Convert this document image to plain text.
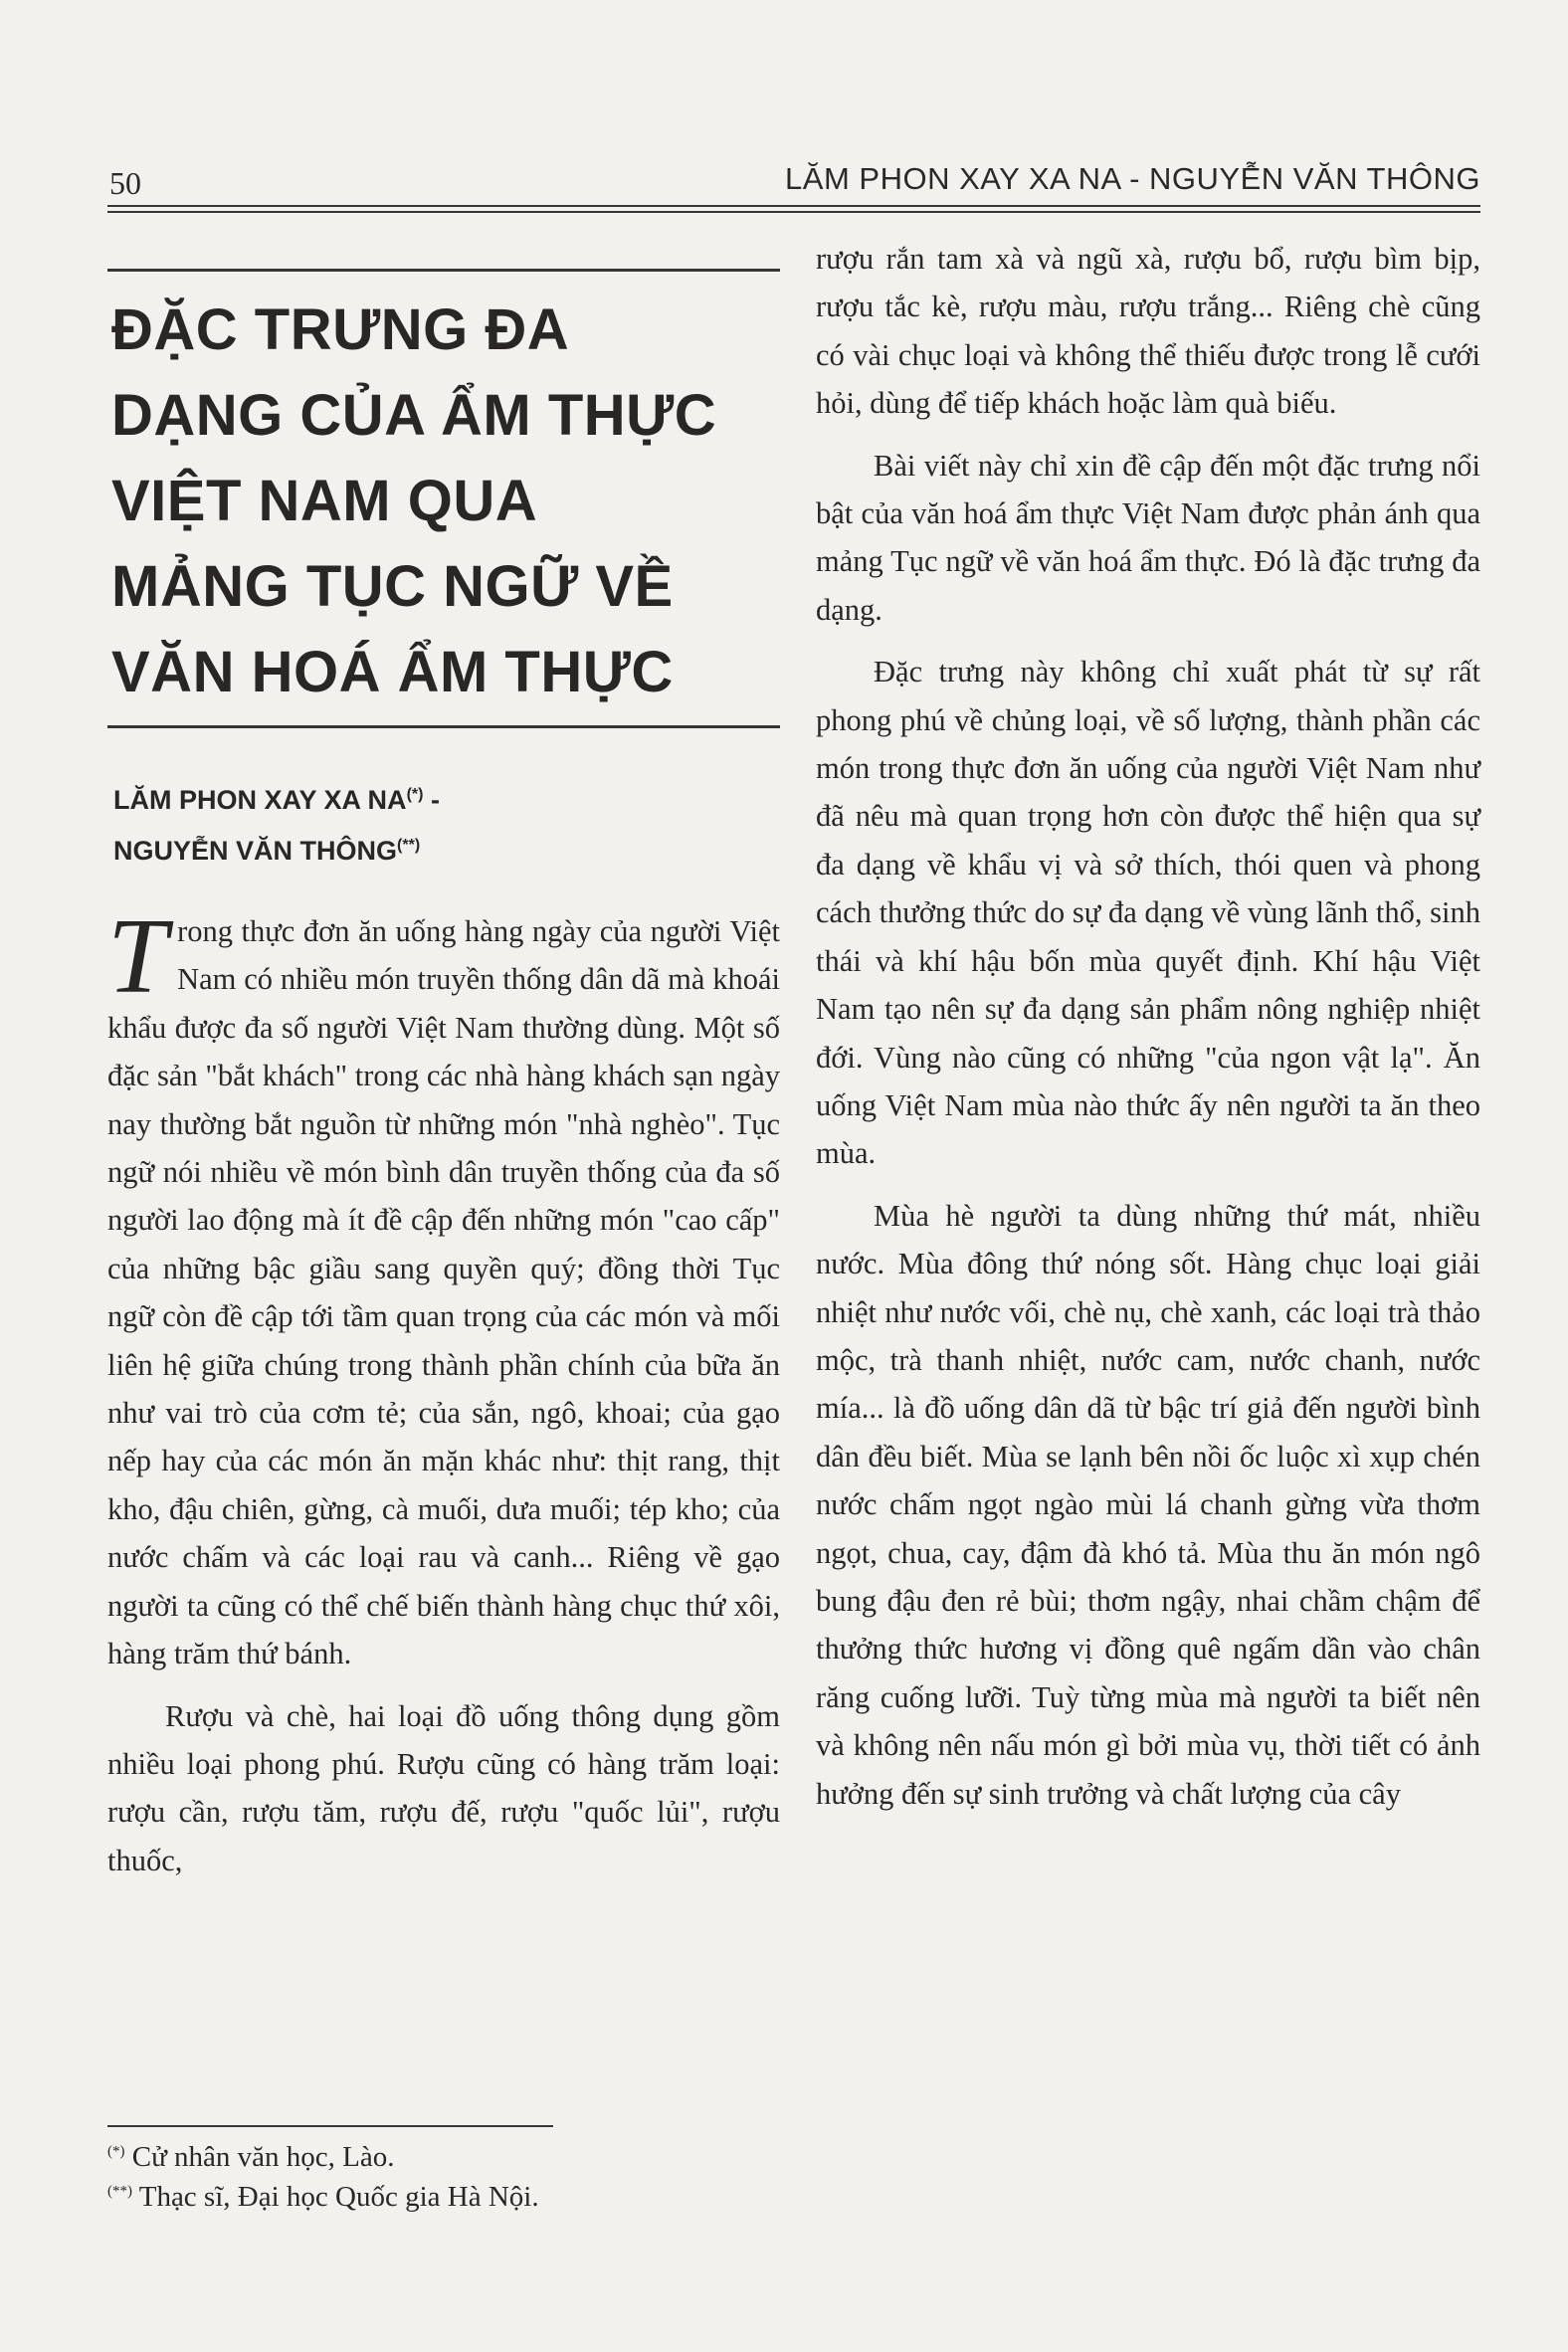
50	LĂM PHON XAY XA NA - NGUYỄN VĂN THÔNG
ĐẶC TRƯNG ĐA
DẠNG CỦA ẨM THỰC
VIỆT NAM QUA
MẢNG TỤC NGỮ VỀ
VĂN HOÁ ẨM THỰC
LĂM PHON XAY XA NA(*) -
NGUYỄN VĂN THÔNG(**)
T rong thực đơn ăn uống hàng ngày của người Việt Nam có nhiều món truyền thống dân dã mà khoái khẩu được đa số người Việt Nam thường dùng. Một số đặc sản "bắt khách" trong các nhà hàng khách sạn ngày nay thường bắt nguồn từ những món "nhà nghèo". Tục ngữ nói nhiều về món bình dân truyền thống của đa số người lao động mà ít đề cập đến những món "cao cấp" của những bậc giầu sang quyền quý; đồng thời Tục ngữ còn đề cập tới tầm quan trọng của các món và mối liên hệ giữa chúng trong thành phần chính của bữa ăn như vai trò của cơm tẻ; của sắn, ngô, khoai; của gạo nếp hay của các món ăn mặn khác như: thịt rang, thịt kho, đậu chiên, gừng, cà muối, dưa muối; tép kho; của nước chấm và các loại rau và canh... Riêng về gạo người ta cũng có thể chế biến thành hàng chục thứ xôi, hàng trăm thứ bánh.

Rượu và chè, hai loại đồ uống thông dụng gồm nhiều loại phong phú. Rượu cũng có hàng trăm loại: rượu cần, rượu tăm, rượu đế, rượu "quốc lủi", rượu thuốc,

rượu rắn tam xà và ngũ xà, rượu bổ, rượu bìm bịp, rượu tắc kè, rượu màu, rượu trắng... Riêng chè cũng có vài chục loại và không thể thiếu được trong lễ cưới hỏi, dùng để tiếp khách hoặc làm quà biếu.

Bài viết này chỉ xin đề cập đến một đặc trưng nổi bật của văn hoá ẩm thực Việt Nam được phản ánh qua mảng Tục ngữ về văn hoá ẩm thực. Đó là đặc trưng đa dạng.

Đặc trưng này không chỉ xuất phát từ sự rất phong phú về chủng loại, về số lượng, thành phần các món trong thực đơn ăn uống của người Việt Nam như đã nêu mà quan trọng hơn còn được thể hiện qua sự đa dạng về khẩu vị và sở thích, thói quen và phong cách thưởng thức do sự đa dạng về vùng lãnh thổ, sinh thái và khí hậu bốn mùa quyết định. Khí hậu Việt Nam tạo nên sự đa dạng sản phẩm nông nghiệp nhiệt đới. Vùng nào cũng có những "của ngon vật lạ". Ăn uống Việt Nam mùa nào thức ấy nên người ta ăn theo mùa.

Mùa hè người ta dùng những thứ mát, nhiều nước. Mùa đông thứ nóng sốt. Hàng chục loại giải nhiệt như nước vối, chè nụ, chè xanh, các loại trà thảo mộc, trà thanh nhiệt, nước cam, nước chanh, nước mía... là đồ uống dân dã từ bậc trí giả đến người bình dân đều biết. Mùa se lạnh bên nồi ốc luộc xì xụp chén nước chấm ngọt ngào mùi lá chanh gừng vừa thơm ngọt, chua, cay, đậm đà khó tả. Mùa thu ăn món ngô bung đậu đen rẻ bùi; thơm ngậy, nhai chầm chậm để thưởng thức hương vị đồng quê ngấm dần vào chân răng cuống lưỡi. Tuỳ từng mùa mà người ta biết nên và không nên nấu món gì bởi mùa vụ, thời tiết có ảnh hưởng đến sự sinh trưởng và chất lượng của cây

(*) Cử nhân văn học, Lào.
(**) Thạc sĩ, Đại học Quốc gia Hà Nội.
